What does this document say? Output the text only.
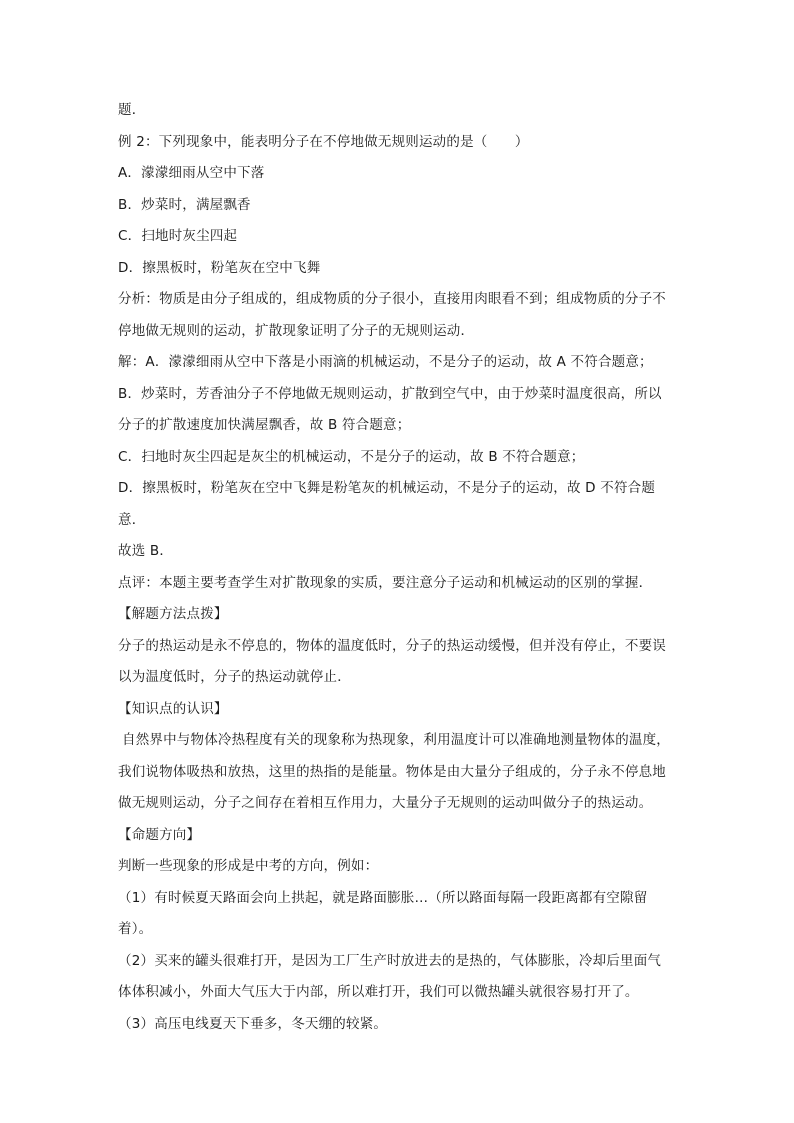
题．
例 2：下列现象中，能表明分子在不停地做无规则运动的是（　　）
A．濛濛细雨从空中下落
B．炒菜时，满屋飘香
C．扫地时灰尘四起
D．擦黑板时，粉笔灰在空中飞舞
分析：物质是由分子组成的，组成物质的分子很小，直接用肉眼看不到；组成物质的分子不
停地做无规则的运动，扩散现象证明了分子的无规则运动．
解：A．濛濛细雨从空中下落是小雨滴的机械运动，不是分子的运动，故 A 不符合题意；
B．炒菜时，芳香油分子不停地做无规则运动，扩散到空气中，由于炒菜时温度很高，所以
分子的扩散速度加快满屋飘香，故 B 符合题意；
C．扫地时灰尘四起是灰尘的机械运动，不是分子的运动，故 B 不符合题意；
D．擦黑板时，粉笔灰在空中飞舞是粉笔灰的机械运动，不是分子的运动，故 D 不符合题
意．
故选 B．
点评：本题主要考查学生对扩散现象的实质，要注意分子运动和机械运动的区别的掌握．
【解题方法点拨】
分子的热运动是永不停息的，物体的温度低时，分子的热运动缓慢，但并没有停止，不要误
以为温度低时，分子的热运动就停止．
【知识点的认识】
自然界中与物体冷热程度有关的现象称为热现象，利用温度计可以准确地测量物体的温度，
我们说物体吸热和放热，这里的热指的是能量。物体是由大量分子组成的，分子永不停息地
做无规则运动，分子之间存在着相互作用力，大量分子无规则的运动叫做分子的热运动。
【命题方向】
判断一些现象的形成是中考的方向，例如：
（1）有时候夏天路面会向上拱起，就是路面膨胀…（所以路面每隔一段距离都有空隙留
着）。
（2）买来的罐头很难打开，是因为工厂生产时放进去的是热的，气体膨胀，冷却后里面气
体体积减小，外面大气压大于内部，所以难打开，我们可以微热罐头就很容易打开了。
（3）高压电线夏天下垂多，冬天绷的较紧。
